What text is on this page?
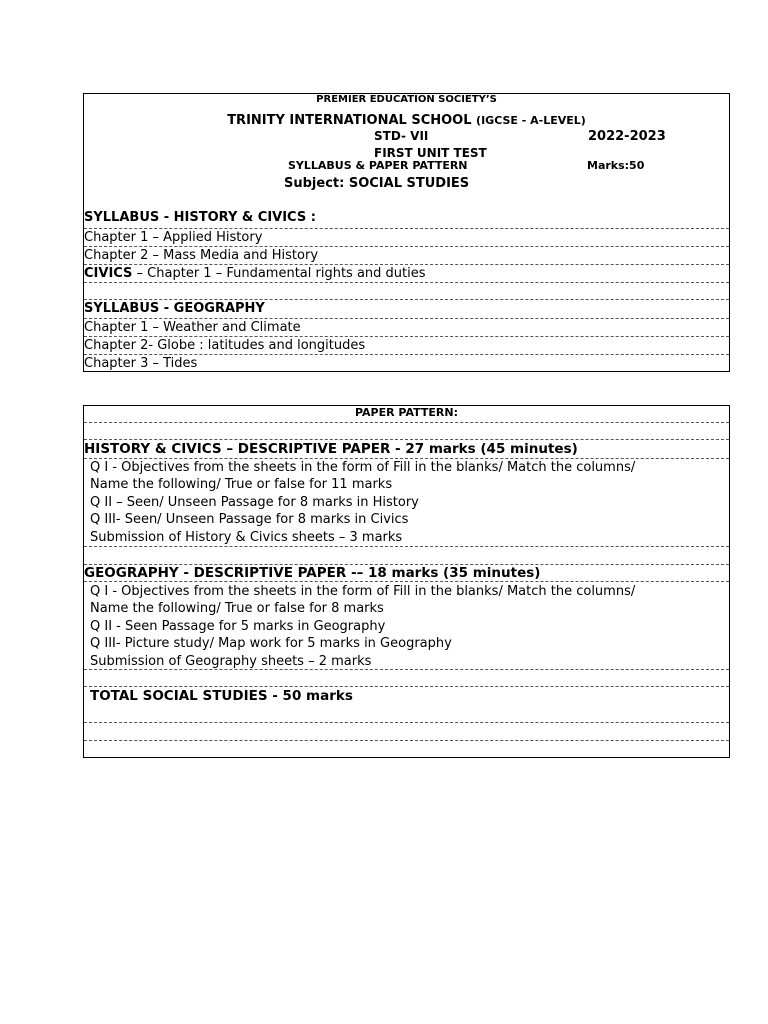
PREMIER EDUCATION SOCIETY’S
TRINITY INTERNATIONAL SCHOOL (IGCSE - A-LEVEL)
STD- VII	2022-2023
FIRST UNIT TEST
SYLLABUS & PAPER PATTERN	Marks:50
Subject: SOCIAL STUDIES
SYLLABUS - HISTORY & CIVICS :
Chapter 1 – Applied History
Chapter 2 – Mass Media and History
CIVICS – Chapter 1 – Fundamental rights and duties
SYLLABUS - GEOGRAPHY
Chapter 1 – Weather and Climate
Chapter 2- Globe : latitudes and longitudes
Chapter 3 – Tides
PAPER PATTERN:
HISTORY & CIVICS – DESCRIPTIVE PAPER - 27 marks (45 minutes)
Q I - Objectives from the sheets in the form of Fill in the blanks/ Match the columns/
Name the following/ True or false for 11 marks
Q II – Seen/ Unseen Passage for 8 marks in History
Q III- Seen/ Unseen Passage for 8 marks in Civics
Submission of History & Civics sheets – 3 marks
GEOGRAPHY - DESCRIPTIVE PAPER -– 18 marks (35 minutes)
Q I - Objectives from the sheets in the form of Fill in the blanks/ Match the columns/
Name the following/ True or false for 8 marks
Q II - Seen Passage for 5 marks in Geography
Q III- Picture study/ Map work for 5 marks in Geography
Submission of Geography sheets – 2 marks
TOTAL SOCIAL STUDIES - 50 marks
